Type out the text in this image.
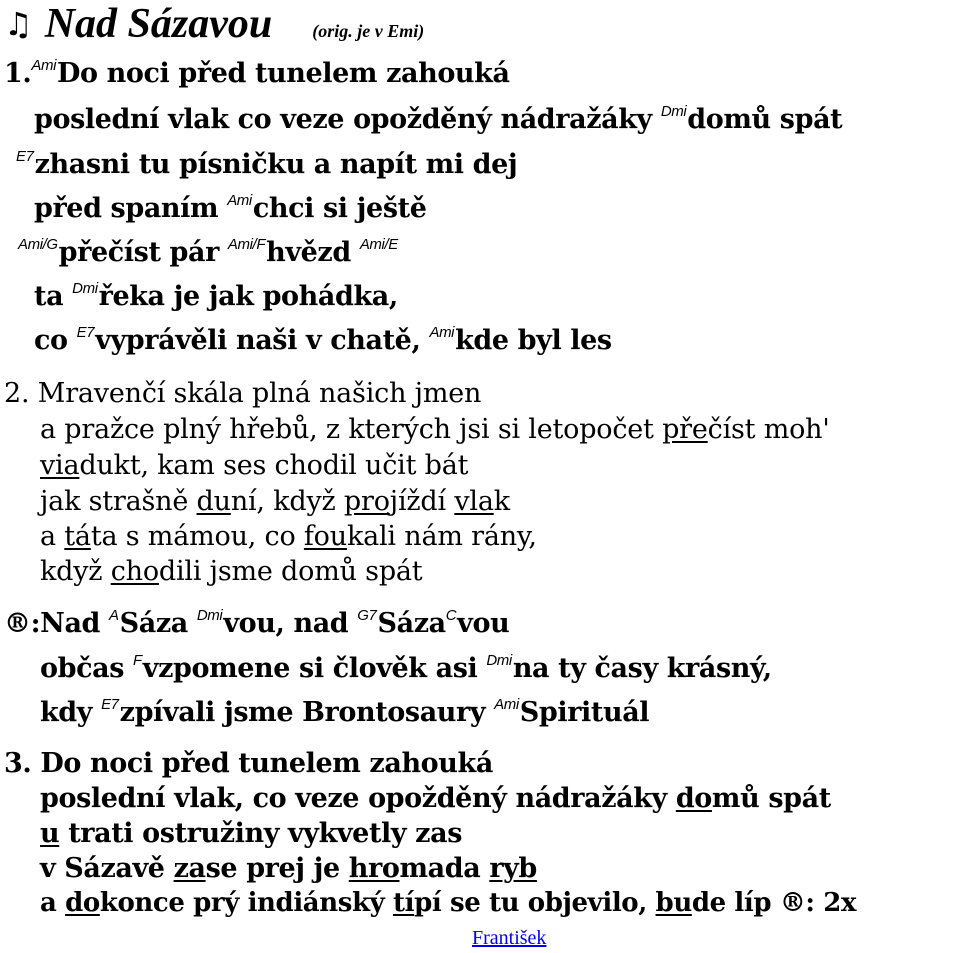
♫ Nad Sázavou (orig. je v Emi)
1.$^{Ami}$Do noci před tunelem zahouká
poslední vlak co veze opožděný nádražáky $^{Dmi}$domů spát
$^{E7}$zhasni tu písničku a napít mi dej
před spaním $^{Ami}$chci si ještě
$^{Ami/G}$přečíst pár $^{Ami/F}$hvězd $^{Ami/E}$
ta $^{Dmi}$řeka je jak pohádka,
co $^{E7}$vyprávěli naši v chatě, $^{Ami}$kde byl les
2. Mravenčí skála plná našich jmen
a pražce plný hřebů, z kterých jsi si letopočet přečíst moh'
viadukt, kam ses chodil učit bát
jak strašně duní, když projíždí vlak
a táta s mámou, co foukali nám rány,
když chodili jsme domů spát
®:Nad $^A$Sáza $^{Dmi}$vou, nad $^{G7}$Sáza$^C$vou
občas $^F$vzpomene si člověk asi $^{Dmi}$na ty časy krásný,
kdy $^{E7}$zpívali jsme Brontosaury $^{Ami}$Spirituál
3. Do noci před tunelem zahouká
poslední vlak, co veze opožděný nádražáky domů spát
u trati ostružiny vykvetly zas
v Sázavě zase prej je hromada ryb
a dokonce prý indiánský típí se tu objevilo, bude líp ®: 2x
František
